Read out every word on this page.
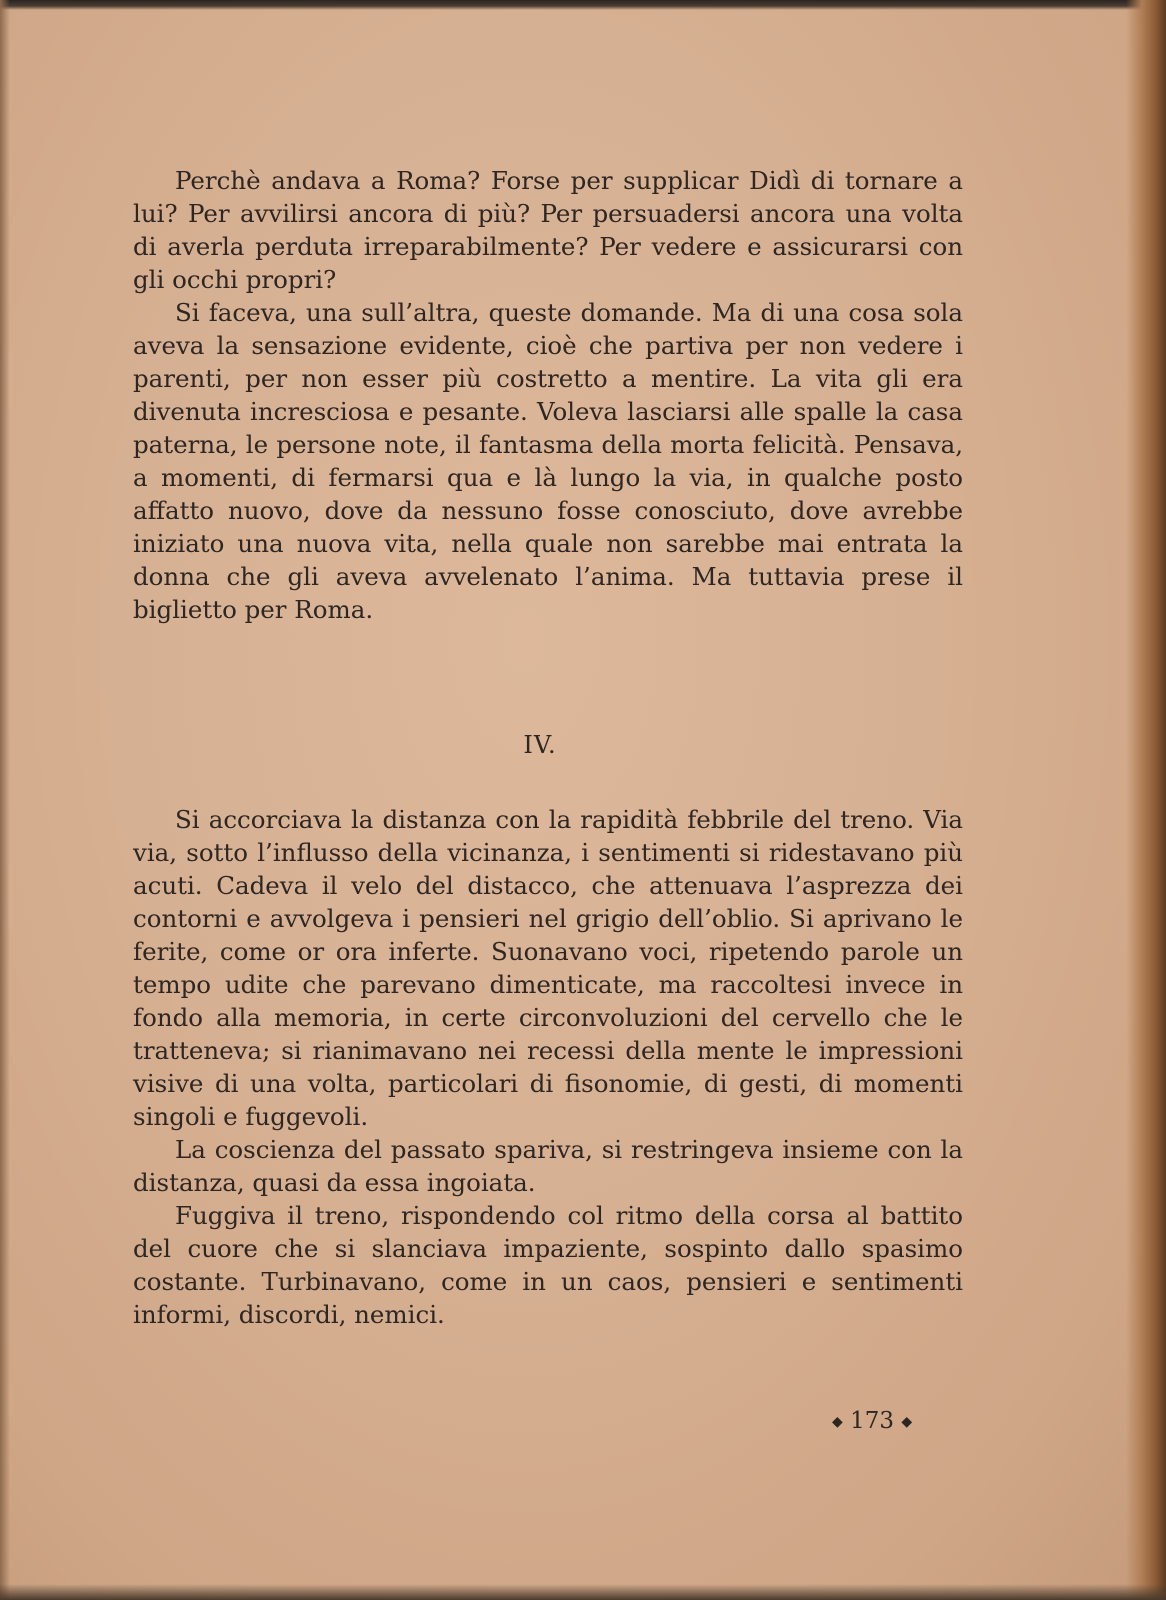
Perchè andava a Roma? Forse per supplicar Didì di tornare a lui? Per avvilirsi ancora di più? Per persuadersi ancora una volta di averla perduta irreparabilmente? Per vedere e assicurarsi con gli occhi propri?

Si faceva, una sull’altra, queste domande. Ma di una cosa sola aveva la sensazione evidente, cioè che partiva per non vedere i parenti, per non esser più costretto a mentire. La vita gli era divenuta incresciosa e pesante. Voleva lasciarsi alle spalle la casa paterna, le persone note, il fantasma della morta felicità. Pensava, a momenti, di fermarsi qua e là lungo la via, in qualche posto affatto nuovo, dove da nessuno fosse conosciuto, dove avrebbe iniziato una nuova vita, nella quale non sarebbe mai entrata la donna che gli aveva avvelenato l’anima. Ma tuttavia prese il biglietto per Roma.

IV.

Si accorciava la distanza con la rapidità febbrile del treno. Via via, sotto l’influsso della vicinanza, i sentimenti si ridestavano più acuti. Cadeva il velo del distacco, che attenuava l’asprezza dei contorni e avvolgeva i pensieri nel grigio dell’oblio. Si aprivano le ferite, come or ora inferte. Suonavano voci, ripetendo parole un tempo udite che parevano dimenticate, ma raccoltesi invece in fondo alla memoria, in certe circonvoluzioni del cervello che le tratteneva; si rianimavano nei recessi della mente le impressioni visive di una volta, particolari di fisonomie, di gesti, di momenti singoli e fuggevoli.

La coscienza del passato spariva, si restringeva insieme con la distanza, quasi da essa ingoiata.

Fuggiva il treno, rispondendo col ritmo della corsa al battito del cuore che si slanciava impaziente, sospinto dallo spasimo costante. Turbinavano, come in un caos, pensieri e sentimenti informi, discordi, nemici.

◆ 173 ◆
